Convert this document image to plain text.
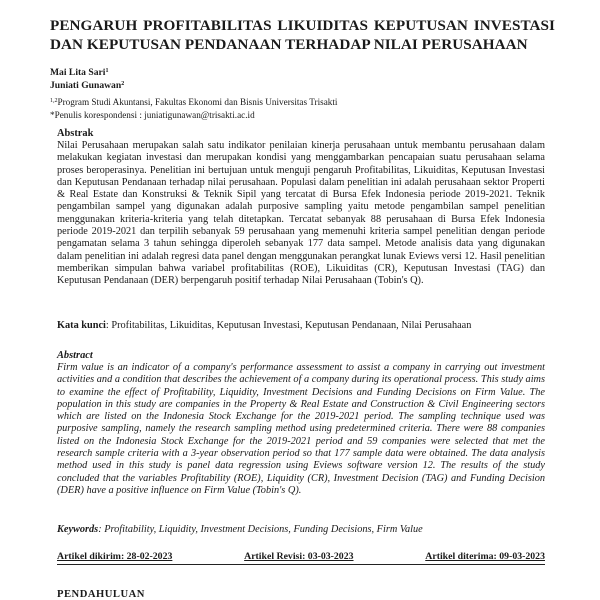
PENGARUH PROFITABILITAS LIKUIDITAS KEPUTUSAN INVESTASI
DAN KEPUTUSAN PENDANAAN TERHADAP NILAI PERUSAHAAN
Mai Lita Sari$^1$
Juniati Gunawan$^2$
$^{1,2}$Program Studi Akuntansi, Fakultas Ekonomi dan Bisnis Universitas Trisakti
*Penulis korespondensi : juniatigunawan@trisakti.ac.id
Abstrak
Nilai Perusahaan merupakan salah satu indikator penilaian kinerja perusahaan untuk membantu perusahaan dalam melakukan kegiatan investasi dan merupakan kondisi yang menggambarkan pencapaian suatu perusahaan selama proses beroperasinya. Penelitian ini bertujuan untuk menguji pengaruh Profitabilitas, Likuiditas, Keputusan Investasi dan Keputusan Pendanaan terhadap nilai perusahaan. Populasi dalam penelitian ini adalah perusahaan sektor Properti & Real Estate dan Konstruksi & Teknik Sipil yang tercatat di Bursa Efek Indonesia periode 2019-2021. Teknik pengambilan sampel yang digunakan adalah purposive sampling yaitu metode pengambilan sampel penelitian menggunakan kriteria-kriteria yang telah ditetapkan. Tercatat sebanyak 88 perusahaan di Bursa Efek Indonesia periode 2019-2021 dan terpilih sebanyak 59 perusahaan yang memenuhi kriteria sampel penelitian dengan periode pengamatan selama 3 tahun sehingga diperoleh sebanyak 177 data sampel. Metode analisis data yang digunakan dalam penelitian ini adalah regresi data panel dengan menggunakan perangkat lunak Eviews versi 12. Hasil penelitian memberikan simpulan bahwa variabel profitabilitas (ROE), Likuiditas (CR), Keputusan Investasi (TAG) dan Keputusan Pendanaan (DER) berpengaruh positif terhadap Nilai Perusahaan (Tobin's Q).
Kata kunci: Profitabilitas, Likuiditas, Keputusan Investasi, Keputusan Pendanaan, Nilai Perusahaan
Abstract
Firm value is an indicator of a company's performance assessment to assist a company in carrying out investment activities and a condition that describes the achievement of a company during its operational process. This study aims to examine the effect of Profitability, Liquidity, Investment Decisions and Funding Decisions on Firm Value. The population in this study are companies in the Property & Real Estate and Construction & Civil Engineering sectors which are listed on the Indonesia Stock Exchange for the 2019-2021 period. The sampling technique used was purposive sampling, namely the research sampling method using predetermined criteria. There were 88 companies listed on the Indonesia Stock Exchange for the 2019-2021 period and 59 companies were selected that met the research sample criteria with a 3-year observation period so that 177 sample data were obtained. The data analysis method used in this study is panel data regression using Eviews software version 12. The results of the study concluded that the variables Profitability (ROE), Liquidity (CR), Investment Decision (TAG) and Funding Decision (DER) have a positive influence on Firm Value (Tobin's Q).
Keywords: Profitability, Liquidity, Investment Decisions, Funding Decisions, Firm Value
Artikel dikirim: 28-02-2023	Artikel Revisi: 03-03-2023	Artikel diterima: 09-03-2023
PENDAHULUAN
